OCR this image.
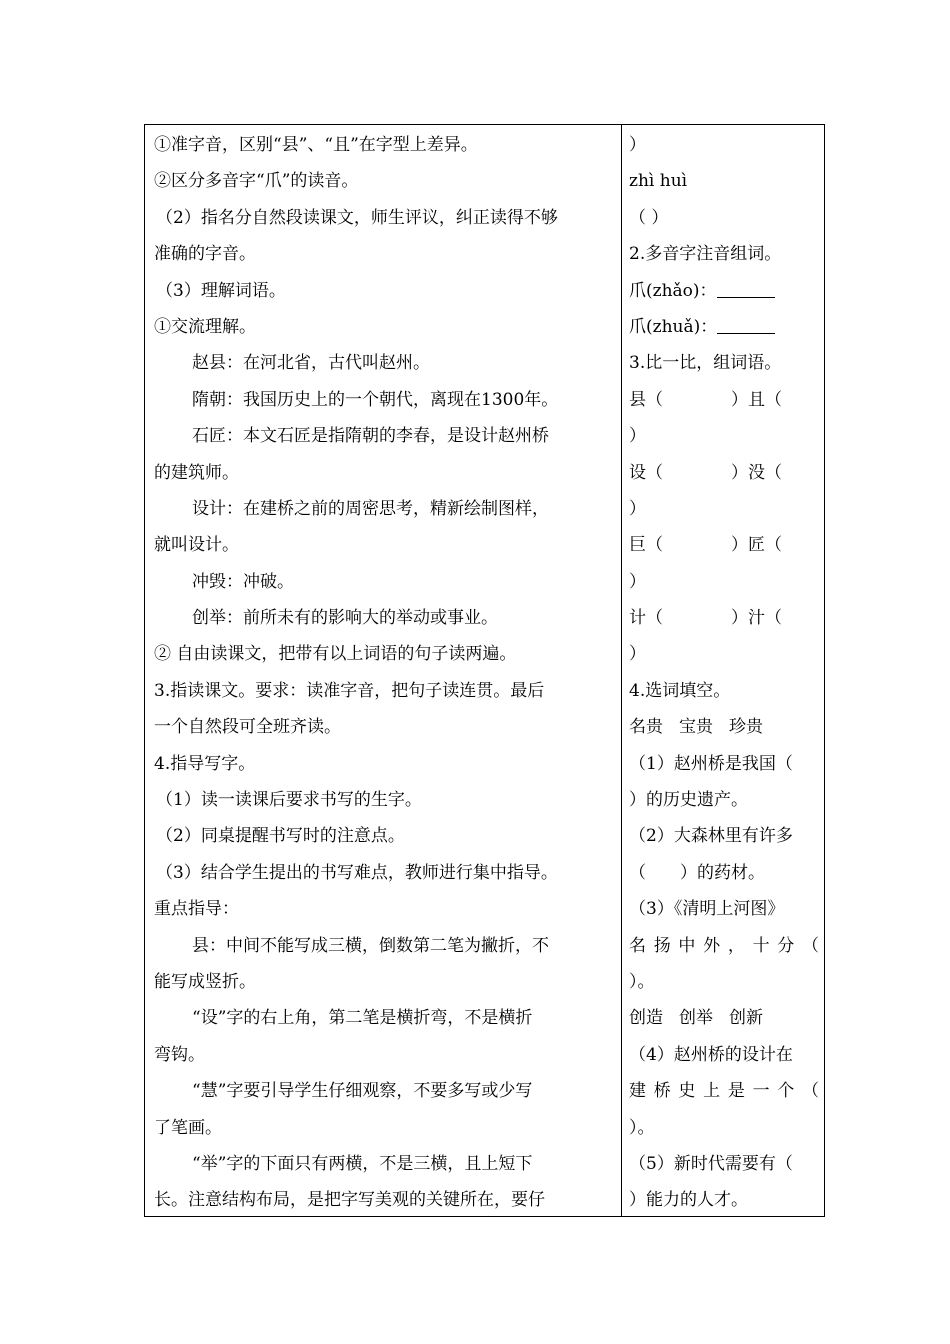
①准字音，区别“县”、“且”在字型上差异。
②区分多音字“爪”的读音。
（2）指名分自然段读课文，师生评议，纠正读得不够
准确的字音。
（3）理解词语。
①交流理解。
赵县：在河北省，古代叫赵州。
隋朝：我国历史上的一个朝代，离现在1300年。
石匠：本文石匠是指隋朝的李春，是设计赵州桥
的建筑师。
设计：在建桥之前的周密思考，精新绘制图样，
就叫设计。
冲毁：冲破。
创举：前所未有的影响大的举动或事业。
② 自由读课文，把带有以上词语的句子读两遍。
3.指读课文。要求：读准字音，把句子读连贯。最后
一个自然段可全班齐读。
4.指导写字。
（1）读一读课后要求书写的生字。
（2）同桌提醒书写时的注意点。
（3）结合学生提出的书写难点，教师进行集中指导。
重点指导：
县：中间不能写成三横，倒数第二笔为撇折，不
能写成竖折。
“设”字的右上角，第二笔是横折弯，不是横折
弯钩。
“慧”字要引导学生仔细观察，不要多写或少写
了笔画。
“举”字的下面只有两横，不是三横，且上短下
长。注意结构布局，是把字写美观的关键所在，要仔
）
zhì huì
（ ）
2.多音字注音组词。
爪(zhǎo)：
爪(zhuǎ)：
3.比一比，组词语。
县（　　　　）且（
）
设（　　　　）没（
）
巨（　　　　）匠（
）
计（　　　　）汁（
）
4.选词填空。
名贵 宝贵 珍贵
（1）赵州桥是我国（
）的历史遗产。
（2）大森林里有许多
（　　）的药材。
（3）《清明上河图》
名扬中外，十分（
）。
创造 创举 创新
（4）赵州桥的设计在
建桥史上是一个（
）。
（5）新时代需要有（
）能力的人才。
